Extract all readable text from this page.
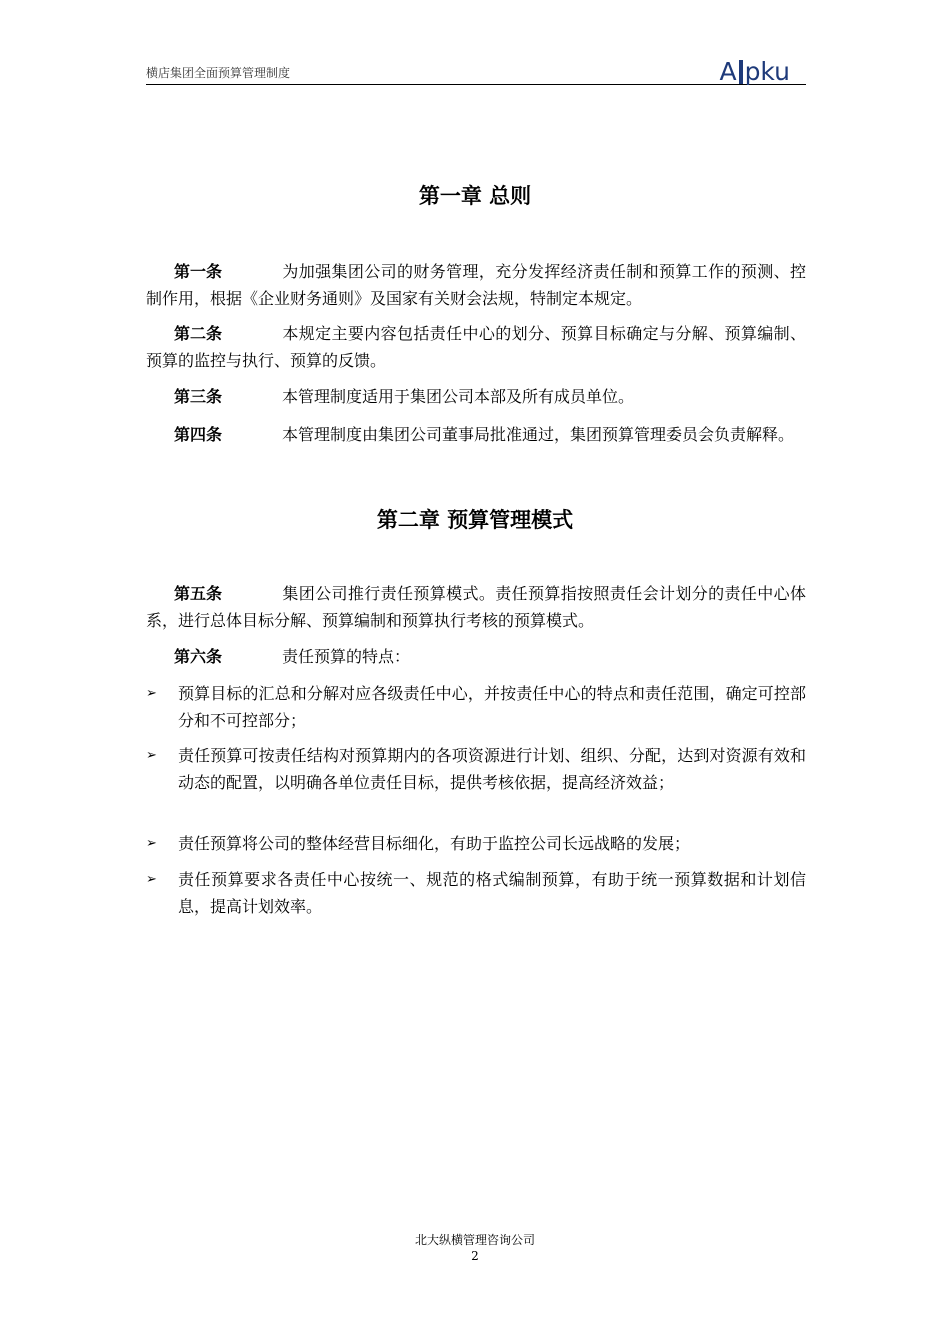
横店集团全面预算管理制度	A pku
第一章 总则
第一条	为加强集团公司的财务管理，充分发挥经济责任制和预算工作的预测、控制作用，根据《企业财务通则》及国家有关财会法规，特制定本规定。
第二条	本规定主要内容包括责任中心的划分、预算目标确定与分解、预算编制、预算的监控与执行、预算的反馈。
第三条	本管理制度适用于集团公司本部及所有成员单位。
第四条	本管理制度由集团公司董事局批准通过，集团预算管理委员会负责解释。
第二章 预算管理模式
第五条	集团公司推行责任预算模式。责任预算指按照责任会计划分的责任中心体系，进行总体目标分解、预算编制和预算执行考核的预算模式。
第六条	责任预算的特点：
➢ 预算目标的汇总和分解对应各级责任中心，并按责任中心的特点和责任范围，确定可控部分和不可控部分；
➢ 责任预算可按责任结构对预算期内的各项资源进行计划、组织、分配，达到对资源有效和动态的配置，以明确各单位责任目标，提供考核依据，提高经济效益；
➢ 责任预算将公司的整体经营目标细化，有助于监控公司长远战略的发展；
➢ 责任预算要求各责任中心按统一、规范的格式编制预算，有助于统一预算数据和计划信息，提高计划效率。
北大纵横管理咨询公司
2
